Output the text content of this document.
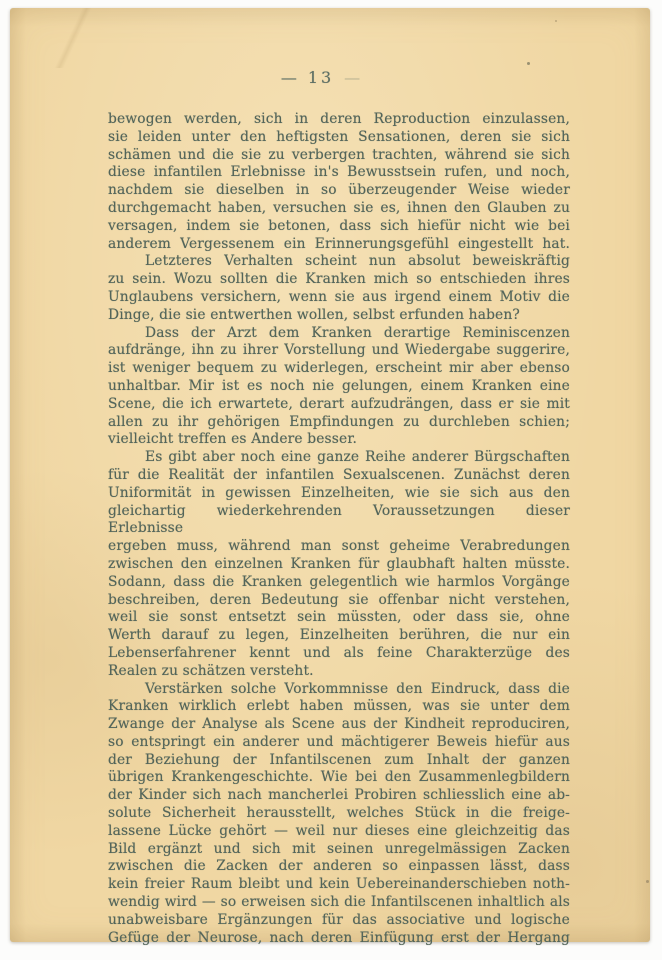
— 13 —
bewogen werden, sich in deren Reproduction einzulassen,
sie leiden unter den heftigsten Sensationen, deren sie sich
schämen und die sie zu verbergen trachten, während sie sich
diese infantilen Erlebnisse in's Bewusstsein rufen, und noch,
nachdem sie dieselben in so überzeugender Weise wieder
durchgemacht haben, versuchen sie es, ihnen den Glauben zu
versagen, indem sie betonen, dass sich hiefür nicht wie bei
anderem Vergessenem ein Erinnerungsgefühl eingestellt hat.
Letzteres Verhalten scheint nun absolut beweiskräftig
zu sein. Wozu sollten die Kranken mich so entschieden ihres
Unglaubens versichern, wenn sie aus irgend einem Motiv die
Dinge, die sie entwerthen wollen, selbst erfunden haben?
Dass der Arzt dem Kranken derartige Reminiscenzen
aufdränge, ihn zu ihrer Vorstellung und Wiedergabe suggerire,
ist weniger bequem zu widerlegen, erscheint mir aber ebenso
unhaltbar. Mir ist es noch nie gelungen, einem Kranken eine
Scene, die ich erwartete, derart aufzudrängen, dass er sie mit
allen zu ihr gehörigen Empfindungen zu durchleben schien;
vielleicht treffen es Andere besser.
Es gibt aber noch eine ganze Reihe anderer Bürgschaften
für die Realität der infantilen Sexualscenen. Zunächst deren
Uniformität in gewissen Einzelheiten, wie sie sich aus den
gleichartig wiederkehrenden Voraussetzungen dieser Erlebnisse
ergeben muss, während man sonst geheime Verabredungen
zwischen den einzelnen Kranken für glaubhaft halten müsste.
Sodann, dass die Kranken gelegentlich wie harmlos Vorgänge
beschreiben, deren Bedeutung sie offenbar nicht verstehen,
weil sie sonst entsetzt sein müssten, oder dass sie, ohne
Werth darauf zu legen, Einzelheiten berühren, die nur ein
Lebenserfahrener kennt und als feine Charakterzüge des
Realen zu schätzen versteht.
Verstärken solche Vorkommnisse den Eindruck, dass die
Kranken wirklich erlebt haben müssen, was sie unter dem
Zwange der Analyse als Scene aus der Kindheit reproduciren,
so entspringt ein anderer und mächtigerer Beweis hiefür aus
der Beziehung der Infantilscenen zum Inhalt der ganzen
übrigen Krankengeschichte. Wie bei den Zusammenlegbildern
der Kinder sich nach mancherlei Probiren schliesslich eine ab-
solute Sicherheit herausstellt, welches Stück in die freige-
lassene Lücke gehört — weil nur dieses eine gleichzeitig das
Bild ergänzt und sich mit seinen unregelmässigen Zacken
zwischen die Zacken der anderen so einpassen lässt, dass
kein freier Raum bleibt und kein Uebereinanderschieben noth-
wendig wird — so erweisen sich die Infantilscenen inhaltlich als
unabweisbare Ergänzungen für das associative und logische
Gefüge der Neurose, nach deren Einfügung erst der Hergang
